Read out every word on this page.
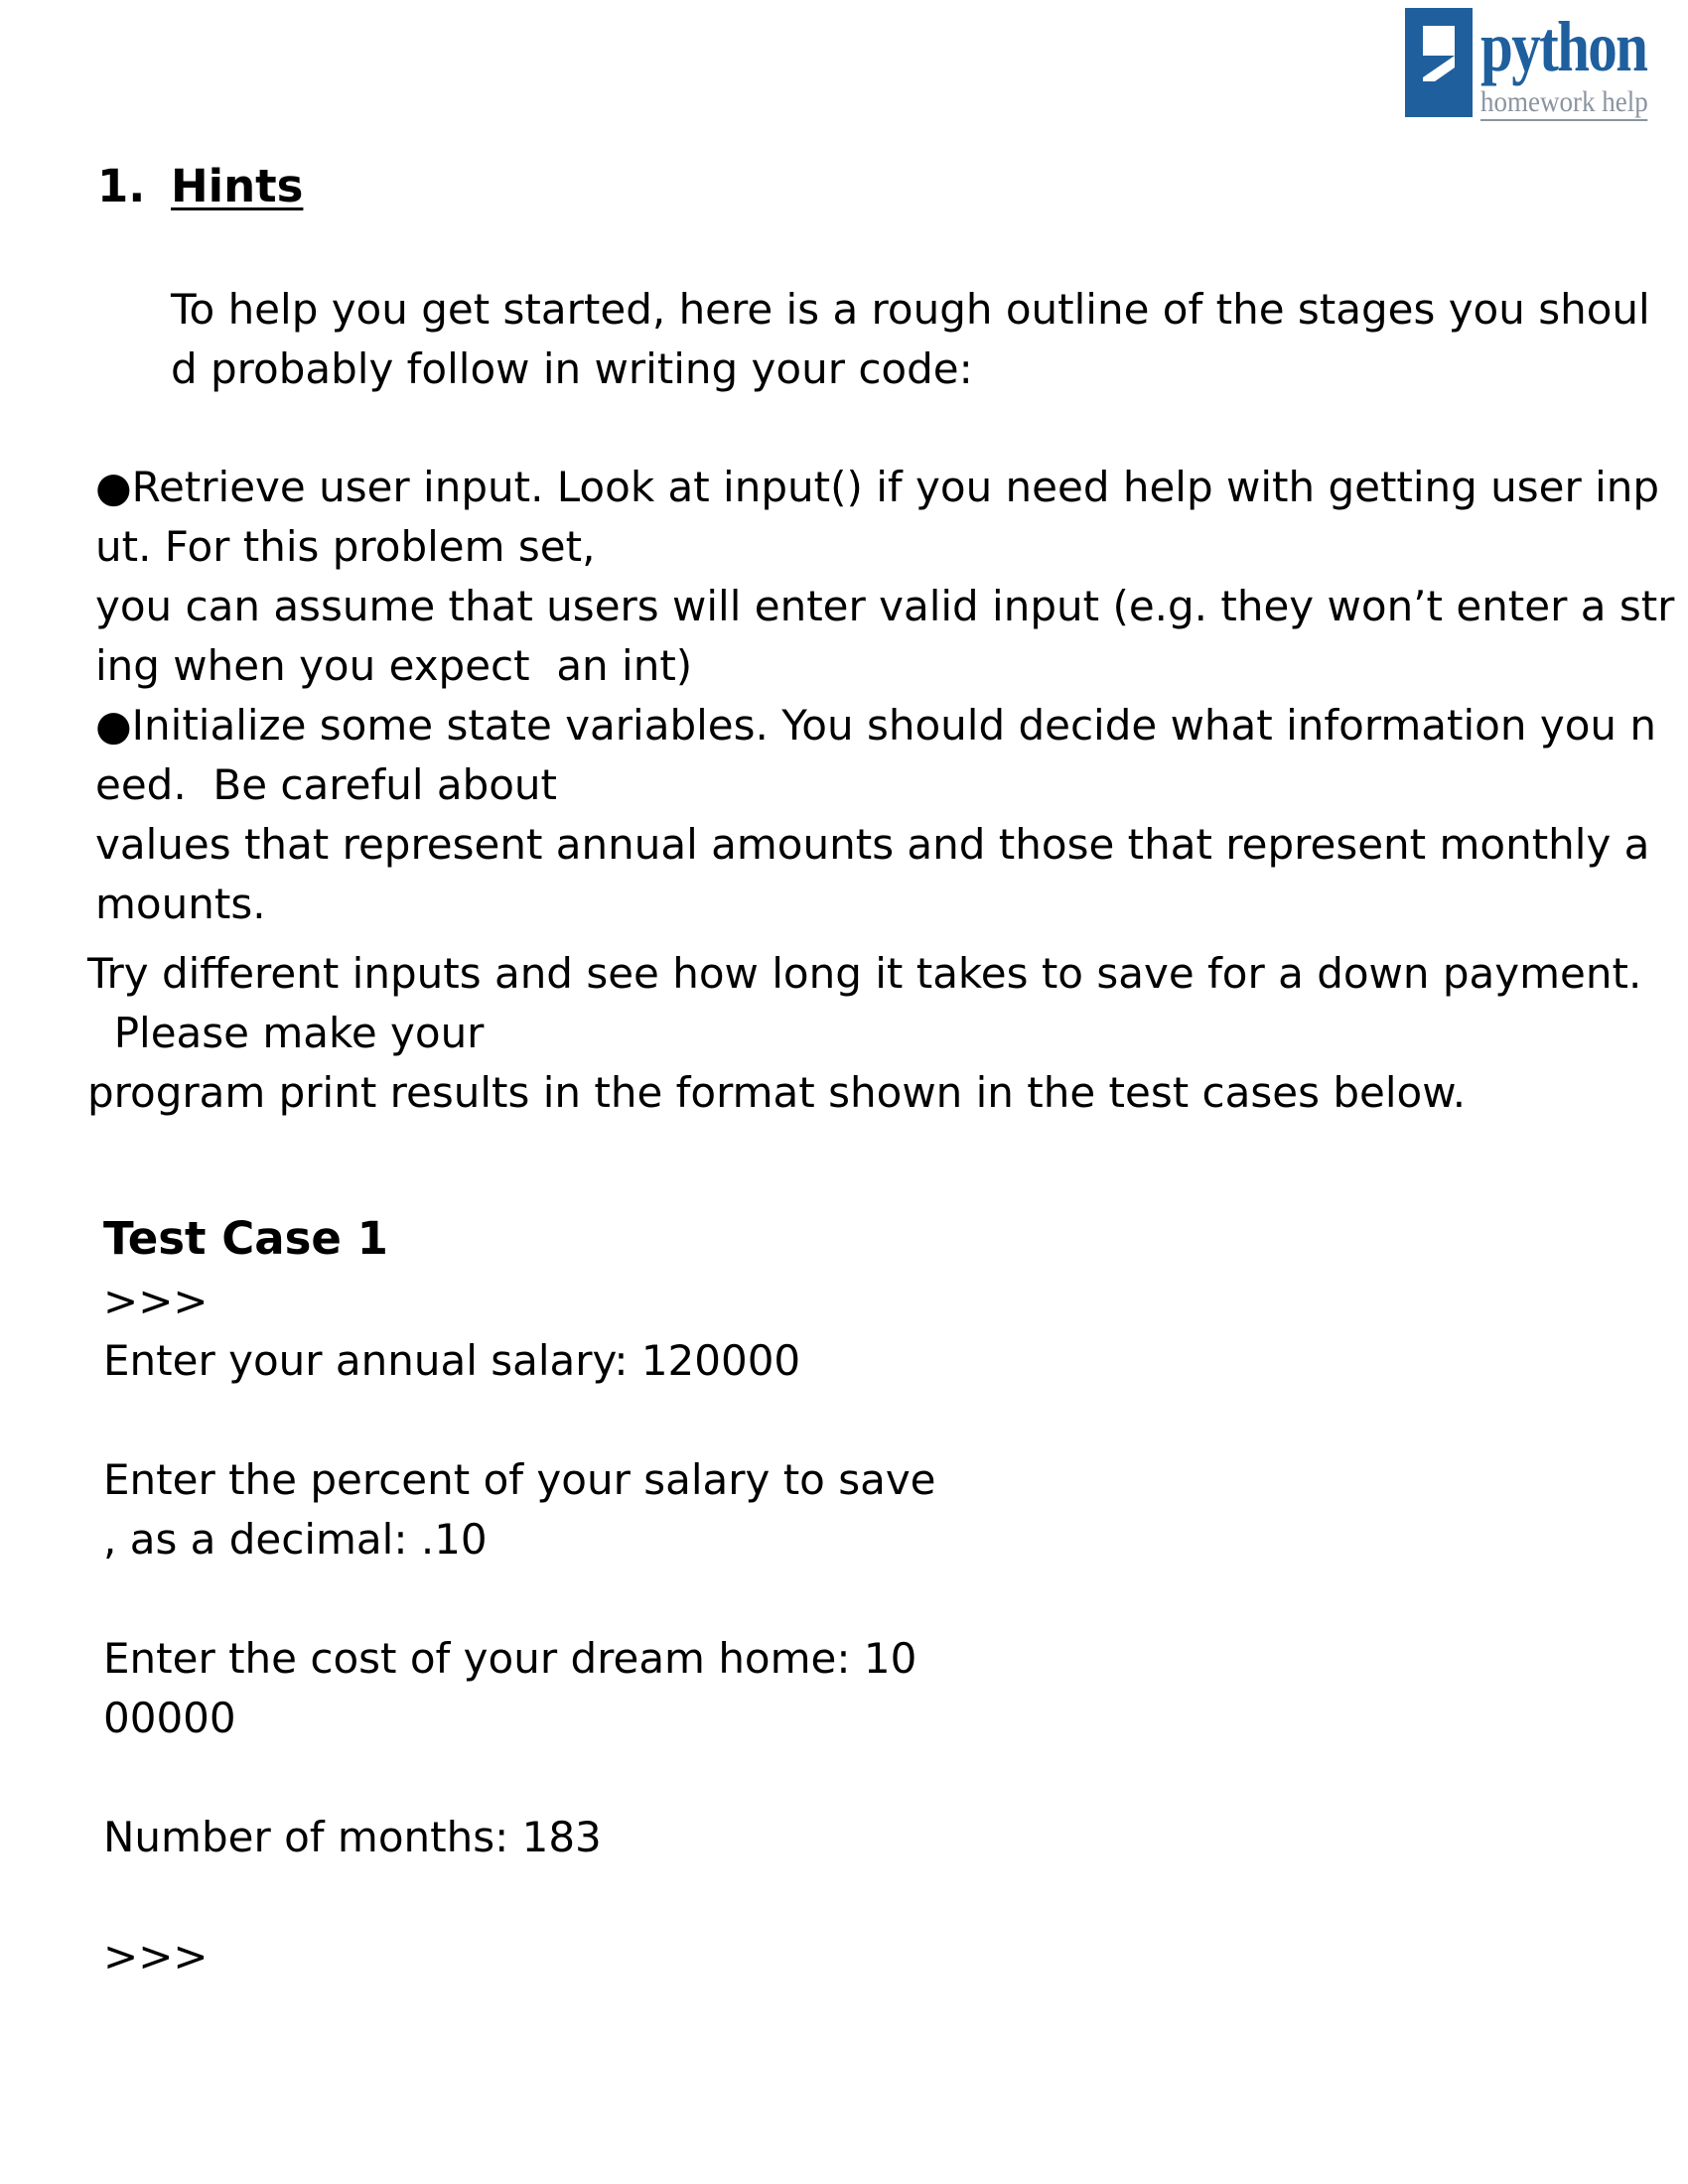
python
homework help
1. Hints
To help you get started, here is a rough outline of the stages you shoul
d probably follow in writing your code:
●Retrieve user input. Look at input() if you need help with getting user inp
ut. For this problem set,
you can assume that users will enter valid input (e.g. they won’t enter a str
ing when you expect  an int)
●Initialize some state variables. You should decide what information you n
eed.  Be careful about
values that represent annual amounts and those that represent monthly a
mounts.
Try different inputs and see how long it takes to save for a down payment.
Please make your
program print results in the format shown in the test cases below.
Test Case 1
>>>
Enter your annual salary: 120000
Enter the percent of your salary to save
, as a decimal: .10
Enter the cost of your dream home: 10
00000
Number of months: 183
>>>
